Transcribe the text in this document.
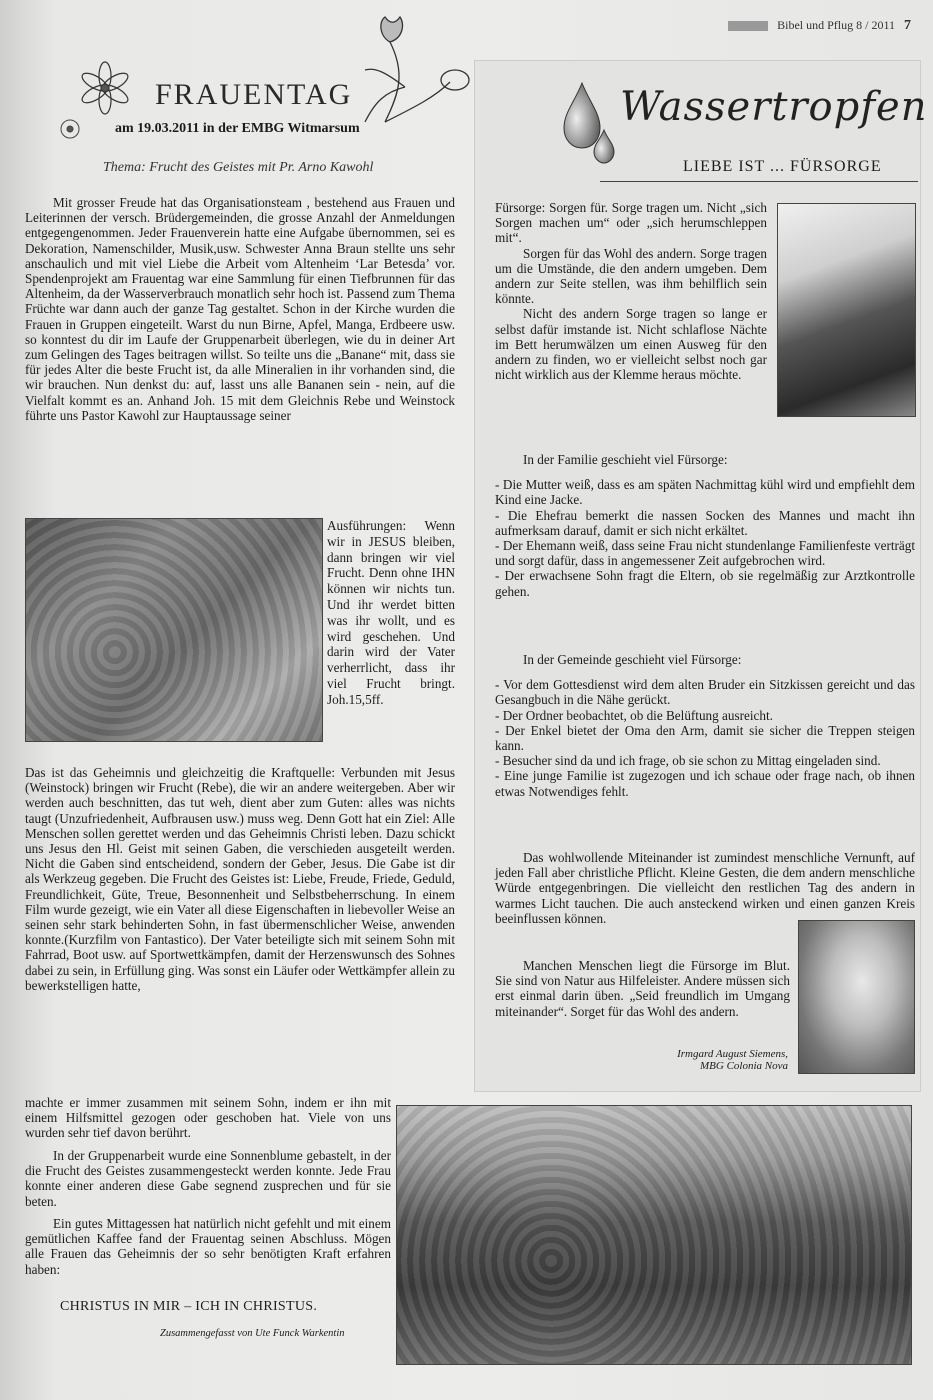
Bibel und Pflug 8 / 2011 7
FRAUENTAG
am 19.03.2011 in der EMBG Witmarsum
Thema: Frucht des Geistes mit Pr. Arno Kawohl

Mit grosser Freude hat das Organisationsteam , bestehend aus Frauen und Leiterinnen der versch. Brüdergemeinden, die grosse Anzahl der Anmeldungen entgegengenommen. Jeder Frauenverein hatte eine Aufgabe übernommen, sei es Dekoration, Namenschilder, Musik,usw. Schwester Anna Braun stellte uns sehr anschaulich und mit viel Liebe die Arbeit vom Altenheim ‘Lar Betesda’ vor. Spendenprojekt am Frauentag war eine Sammlung für einen Tiefbrunnen für das Altenheim, da der Wasserverbrauch monatlich sehr hoch ist. Passend zum Thema Früchte war dann auch der ganze Tag gestaltet. Schon in der Kirche wurden die Frauen in Gruppen eingeteilt. Warst du nun Birne, Apfel, Manga, Erdbeere usw. so konntest du dir im Laufe der Gruppenarbeit überlegen, wie du in deiner Art zum Gelingen des Tages beitragen willst. So teilte uns die „Banane“ mit, dass sie für jedes Alter die beste Frucht ist, da alle Mineralien in ihr vorhanden sind, die wir brauchen. Nun denkst du: auf, lasst uns alle Bananen sein - nein, auf die Vielfalt kommt es an. Anhand Joh. 15 mit dem Gleichnis Rebe und Weinstock führte uns Pastor Kawohl zur Hauptaussage seiner

Ausführungen: Wenn wir in JESUS bleiben, dann bringen wir viel Frucht. Denn ohne IHN können wir nichts tun. Und ihr werdet bitten was ihr wollt, und es wird geschehen. Und darin wird der Vater verherrlicht, dass ihr viel Frucht bringt. Joh.15,5ff.

Das ist das Geheimnis und gleichzeitig die Kraftquelle: Verbunden mit Jesus (Weinstock) bringen wir Frucht (Rebe), die wir an andere weitergeben. Aber wir werden auch beschnitten, das tut weh, dient aber zum Guten: alles was nichts taugt (Unzufriedenheit, Aufbrausen usw.) muss weg. Denn Gott hat ein Ziel: Alle Menschen sollen gerettet werden und das Geheimnis Christi leben. Dazu schickt uns Jesus den Hl. Geist mit seinen Gaben, die verschieden ausgeteilt werden. Nicht die Gaben sind entscheidend, sondern der Geber, Jesus. Die Gabe ist dir als Werkzeug gegeben. Die Frucht des Geistes ist: Liebe, Freude, Friede, Geduld, Freundlichkeit, Güte, Treue, Besonnenheit und Selbstbeherrschung. In einem Film wurde gezeigt, wie ein Vater all diese Eigenschaften in liebevoller Weise an seinen sehr stark behinderten Sohn, in fast übermenschlicher Weise, anwenden konnte.(Kurzfilm von Fantastico). Der Vater beteiligte sich mit seinem Sohn mit Fahrrad, Boot usw. auf Sportwettkämpfen, damit der Herzenswunsch des Sohnes dabei zu sein, in Erfüllung ging. Was sonst ein Läufer oder Wettkämpfer allein zu bewerkstelligen hatte,

machte er immer zusammen mit seinem Sohn, indem er ihn mit einem Hilfsmittel gezogen oder geschoben hat. Viele von uns wurden sehr tief davon berührt.

In der Gruppenarbeit wurde eine Sonnenblume gebastelt, in der die Frucht des Geistes zusammengesteckt werden konnte. Jede Frau konnte einer anderen diese Gabe segnend zusprechen und für sie beten.

Ein gutes Mittagessen hat natürlich nicht gefehlt und mit einem gemütlichen Kaffee fand der Frauentag seinen Abschluss. Mögen alle Frauen das Geheimnis der so sehr benötigten Kraft erfahren haben:

CHRISTUS IN MIR – ICH IN CHRISTUS.
Zusammengefasst von Ute Funck Warkentin
Wassertropfen
LIEBE IST ... FÜRSORGE

Fürsorge: Sorgen für. Sorge tragen um. Nicht „sich Sorgen machen um“ oder „sich herumschleppen mit“.

Sorgen für das Wohl des andern. Sorge tragen um die Umstände, die den andern umgeben. Dem andern zur Seite stellen, was ihm behilflich sein könnte.

Nicht des andern Sorge tragen so lange er selbst dafür imstande ist. Nicht schlaflose Nächte im Bett herumwälzen um einen Ausweg für den andern zu finden, wo er vielleicht selbst noch gar nicht wirklich aus der Klemme heraus möchte.

In der Familie geschieht viel Fürsorge:

- Die Mutter weiß, dass es am späten Nachmittag kühl wird und empfiehlt dem Kind eine Jacke.

- Die Ehefrau bemerkt die nassen Socken des Mannes und macht ihn aufmerksam darauf, damit er sich nicht erkältet.

- Der Ehemann weiß, dass seine Frau nicht stundenlange Familienfeste verträgt und sorgt dafür, dass in angemessener Zeit aufgebrochen wird.

- Der erwachsene Sohn fragt die Eltern, ob sie regelmäßig zur Arztkontrolle gehen.

In der Gemeinde geschieht viel Fürsorge:

- Vor dem Gottesdienst wird dem alten Bruder ein Sitzkissen gereicht und das Gesangbuch in die Nähe gerückt.

- Der Ordner beobachtet, ob die Belüftung ausreicht.

- Der Enkel bietet der Oma den Arm, damit sie sicher die Treppen steigen kann.

- Besucher sind da und ich frage, ob sie schon zu Mittag eingeladen sind.

- Eine junge Familie ist zugezogen und ich schaue oder frage nach, ob ihnen etwas Notwendiges fehlt.

Das wohlwollende Miteinander ist zumindest menschliche Vernunft, auf jeden Fall aber christliche Pflicht. Kleine Gesten, die dem andern menschliche Würde entgegenbringen. Die vielleicht den restlichen Tag des andern in warmes Licht tauchen. Die auch ansteckend wirken und einen ganzen Kreis beeinflussen können.

Manchen Menschen liegt die Fürsorge im Blut. Sie sind von Natur aus Hilfeleister. Andere müssen sich erst einmal darin üben. „Seid freundlich im Umgang miteinander“. Sorget für das Wohl des andern.

Irmgard August Siemens,
MBG Colonia Nova
